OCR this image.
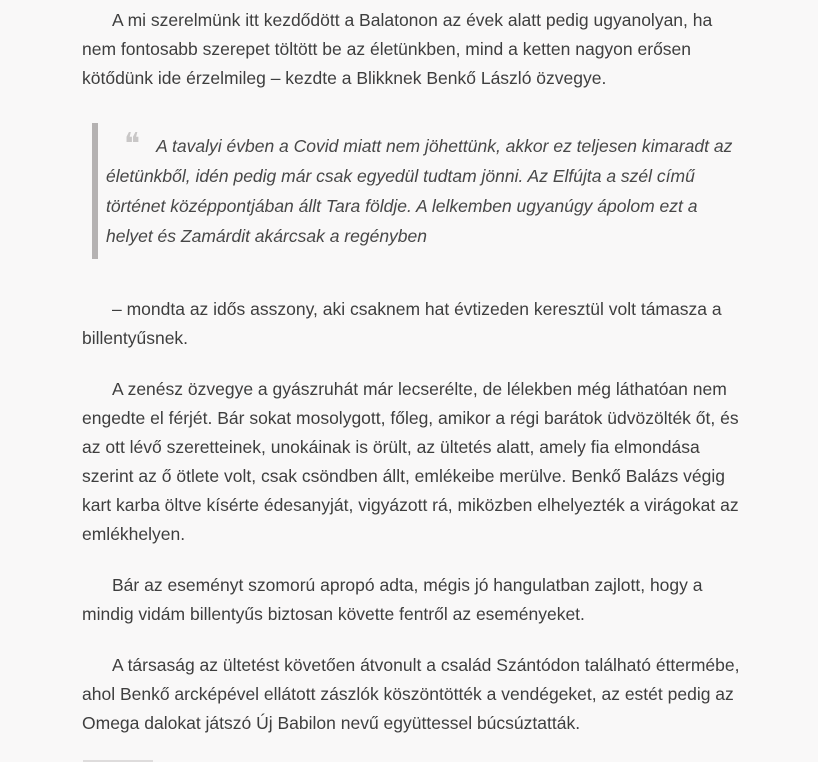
A mi szerelmünk itt kezdődött a Balatonon az évek alatt pedig ugyanolyan, ha nem fontosabb szerepet töltött be az életünkben, mind a ketten nagyon erősen kötődünk ide érzelmileg – kezdte a Blikknek Benkő László özvegye.

❝ A tavalyi évben a Covid miatt nem jöhettünk, akkor ez teljesen kimaradt az életünkből, idén pedig már csak egyedül tudtam jönni. Az Elfújta a szél című történet középpontjában állt Tara földje. A lelkemben ugyanúgy ápolom ezt a helyet és Zamárdit akárcsak a regényben

– mondta az idős asszony, aki csaknem hat évtizeden keresztül volt támasza a billentyűsnek.

A zenész özvegye a gyászruhát már lecserélte, de lélekben még láthatóan nem engedte el férjét. Bár sokat mosolygott, főleg, amikor a régi barátok üdvözölték őt, és az ott lévő szeretteinek, unokáinak is örült, az ültetés alatt, amely fia elmondása szerint az ő ötlete volt, csak csöndben állt, emlékeibe merülve. Benkő Balázs végig kart karba öltve kísérte édesanyját, vigyázott rá, miközben elhelyezték a virágokat az emlékhelyen.

Bár az eseményt szomorú apropó adta, mégis jó hangulatban zajlott, hogy a mindig vidám billentyűs biztosan követte fentről az eseményeket.

A társaság az ültetést követően átvonult a család Szántódon található éttermébe, ahol Benkő arcképével ellátott zászlók köszöntötték a vendégeket, az estét pedig az Omega dalokat játszó Új Babilon nevű együttessel búcsúztatták.
